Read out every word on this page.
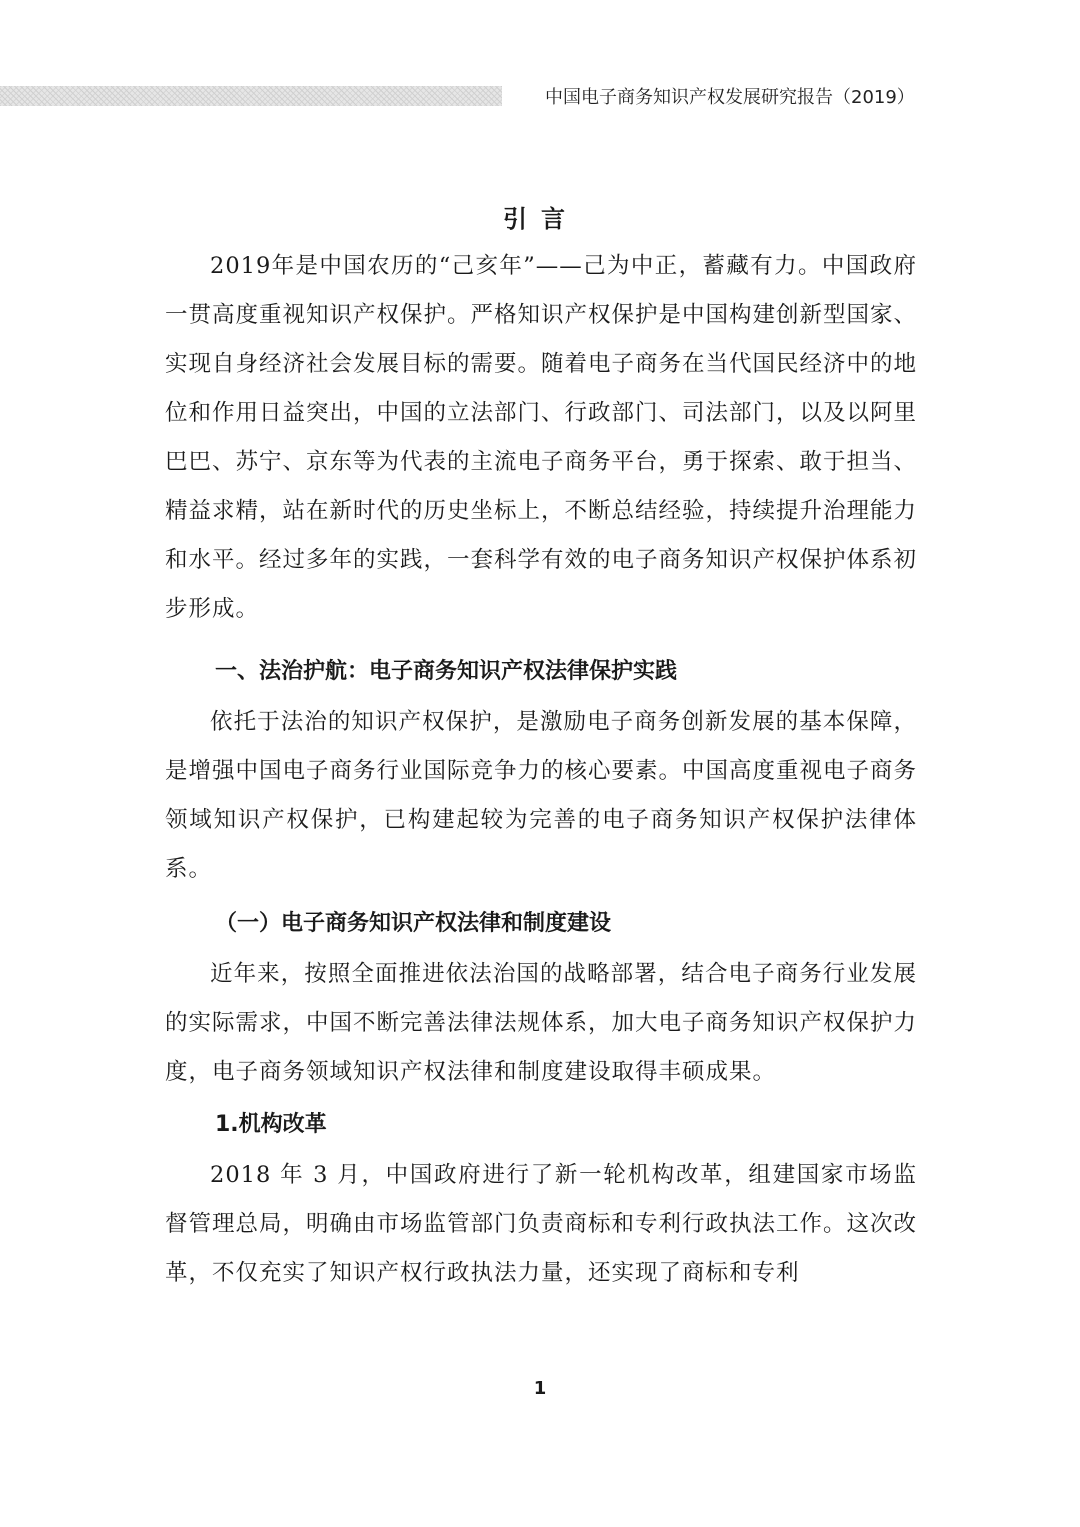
中国电子商务知识产权发展研究报告（2019）
引言

2019年是中国农历的“己亥年”——己为中正，蓄藏有力。中国政府一贯高度重视知识产权保护。严格知识产权保护是中国构建创新型国家、实现自身经济社会发展目标的需要。随着电子商务在当代国民经济中的地位和作用日益突出，中国的立法部门、行政部门、司法部门，以及以阿里巴巴、苏宁、京东等为代表的主流电子商务平台，勇于探索、敢于担当、精益求精，站在新时代的历史坐标上，不断总结经验，持续提升治理能力和水平。经过多年的实践，一套科学有效的电子商务知识产权保护体系初步形成。

一、法治护航：电子商务知识产权法律保护实践

依托于法治的知识产权保护，是激励电子商务创新发展的基本保障，是增强中国电子商务行业国际竞争力的核心要素。中国高度重视电子商务领域知识产权保护，已构建起较为完善的电子商务知识产权保护法律体系。

（一）电子商务知识产权法律和制度建设

近年来，按照全面推进依法治国的战略部署，结合电子商务行业发展的实际需求，中国不断完善法律法规体系，加大电子商务知识产权保护力度，电子商务领域知识产权法律和制度建设取得丰硕成果。

1.机构改革

2018 年 3 月，中国政府进行了新一轮机构改革，组建国家市场监督管理总局，明确由市场监管部门负责商标和专利行政执法工作。这次改革，不仅充实了知识产权行政执法力量，还实现了商标和专利

1
